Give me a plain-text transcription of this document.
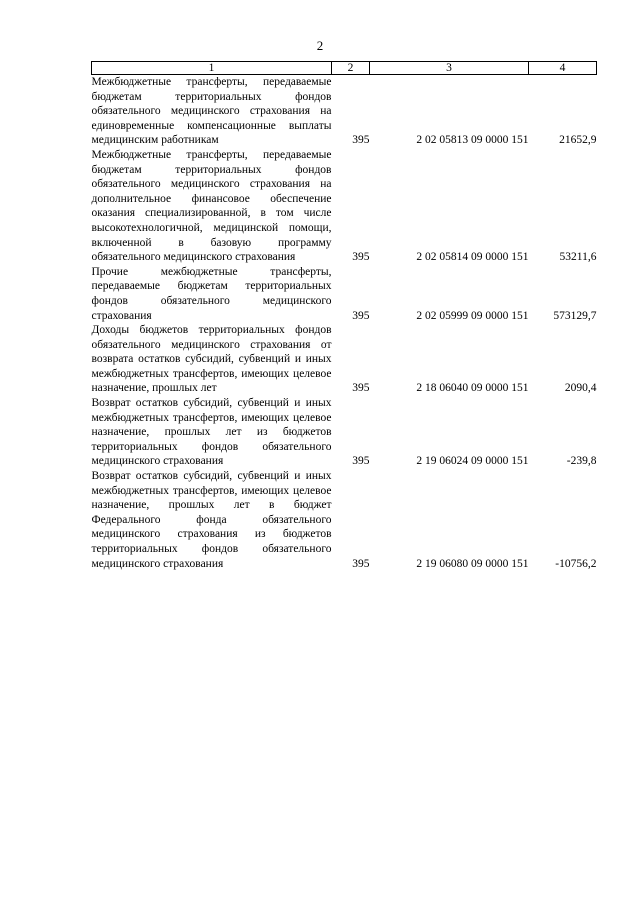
2
1	2	3	4
Межбюджетные трансферты, передаваемые бюджетам территориальных фондов обязательного медицинского страхования на единовременные компенсационные выплаты медицинским работникам	395	2 02 05813 09 0000 151	21652,9
Межбюджетные трансферты, передаваемые бюджетам территориальных фондов обязательного медицинского страхования на дополнительное финансовое обеспечение оказания специализированной, в том числе высокотехнологичной, медицинской помощи, включенной в базовую программу обязательного медицинского страхования	395	2 02 05814 09 0000 151	53211,6
Прочие межбюджетные трансферты, передаваемые бюджетам территориальных фондов обязательного медицинского страхования	395	2 02 05999 09 0000 151	573129,7
Доходы бюджетов территориальных фондов обязательного медицинского страхования от возврата остатков субсидий, субвенций и иных межбюджетных трансфертов, имеющих целевое назначение, прошлых лет	395	2 18 06040 09 0000 151	2090,4
Возврат остатков субсидий, субвенций и иных межбюджетных трансфертов, имеющих целевое назначение, прошлых лет из бюджетов территориальных фондов обязательного медицинского страхования	395	2 19 06024 09 0000 151	-239,8
Возврат остатков субсидий, субвенций и иных межбюджетных трансфертов, имеющих целевое назначение, прошлых лет в бюджет Федерального фонда обязательного медицинского страхования из бюджетов территориальных фондов обязательного медицинского страхования	395	2 19 06080 09 0000 151	-10756,2
